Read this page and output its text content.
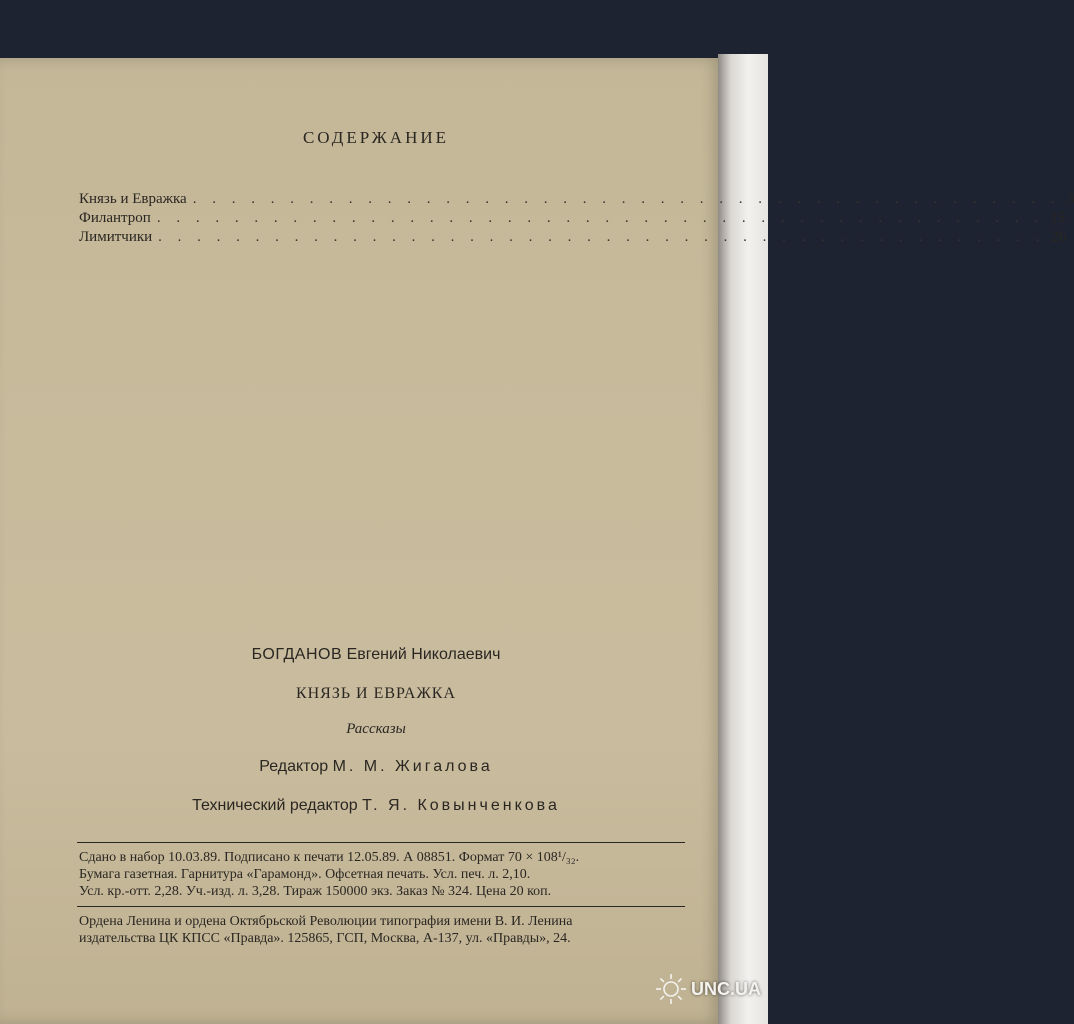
СОДЕРЖАНИЕ
Князь и Евражка . . . . . . . . . . . . . . . . . . . . . . . . . . . . . . . . . . . . . . . . . . . . . 3
Филантроп . . . . . . . . . . . . . . . . . . . . . . . . . . . . . . . . . . . . . . . . . . . . . . 15
Лимитчики . . . . . . . . . . . . . . . . . . . . . . . . . . . . . . . . . . . . . . . . . . . . . . 26
БОГДАНОВ Евгений Николаевич
КНЯЗЬ И ЕВРАЖКА
Рассказы
Редактор М. М. Жигалова
Технический редактор Т. Я. Ковынченкова
Сдано в набор 10.03.89. Подписано к печати 12.05.89. А 08851. Формат 70 × 108¹/₃₂.
Бумага газетная. Гарнитура «Гарамонд». Офсетная печать. Усл. печ. л. 2,10.
Усл. кр.-отт. 2,28. Уч.-изд. л. 3,28. Тираж 150000 экз. Заказ № 324. Цена 20 коп.
Ордена Ленина и ордена Октябрьской Революции типография имени В. И. Ленина
издательства ЦК КПСС «Правда». 125865, ГСП, Москва, А-137, ул. «Правды», 24.
UNC.UA
